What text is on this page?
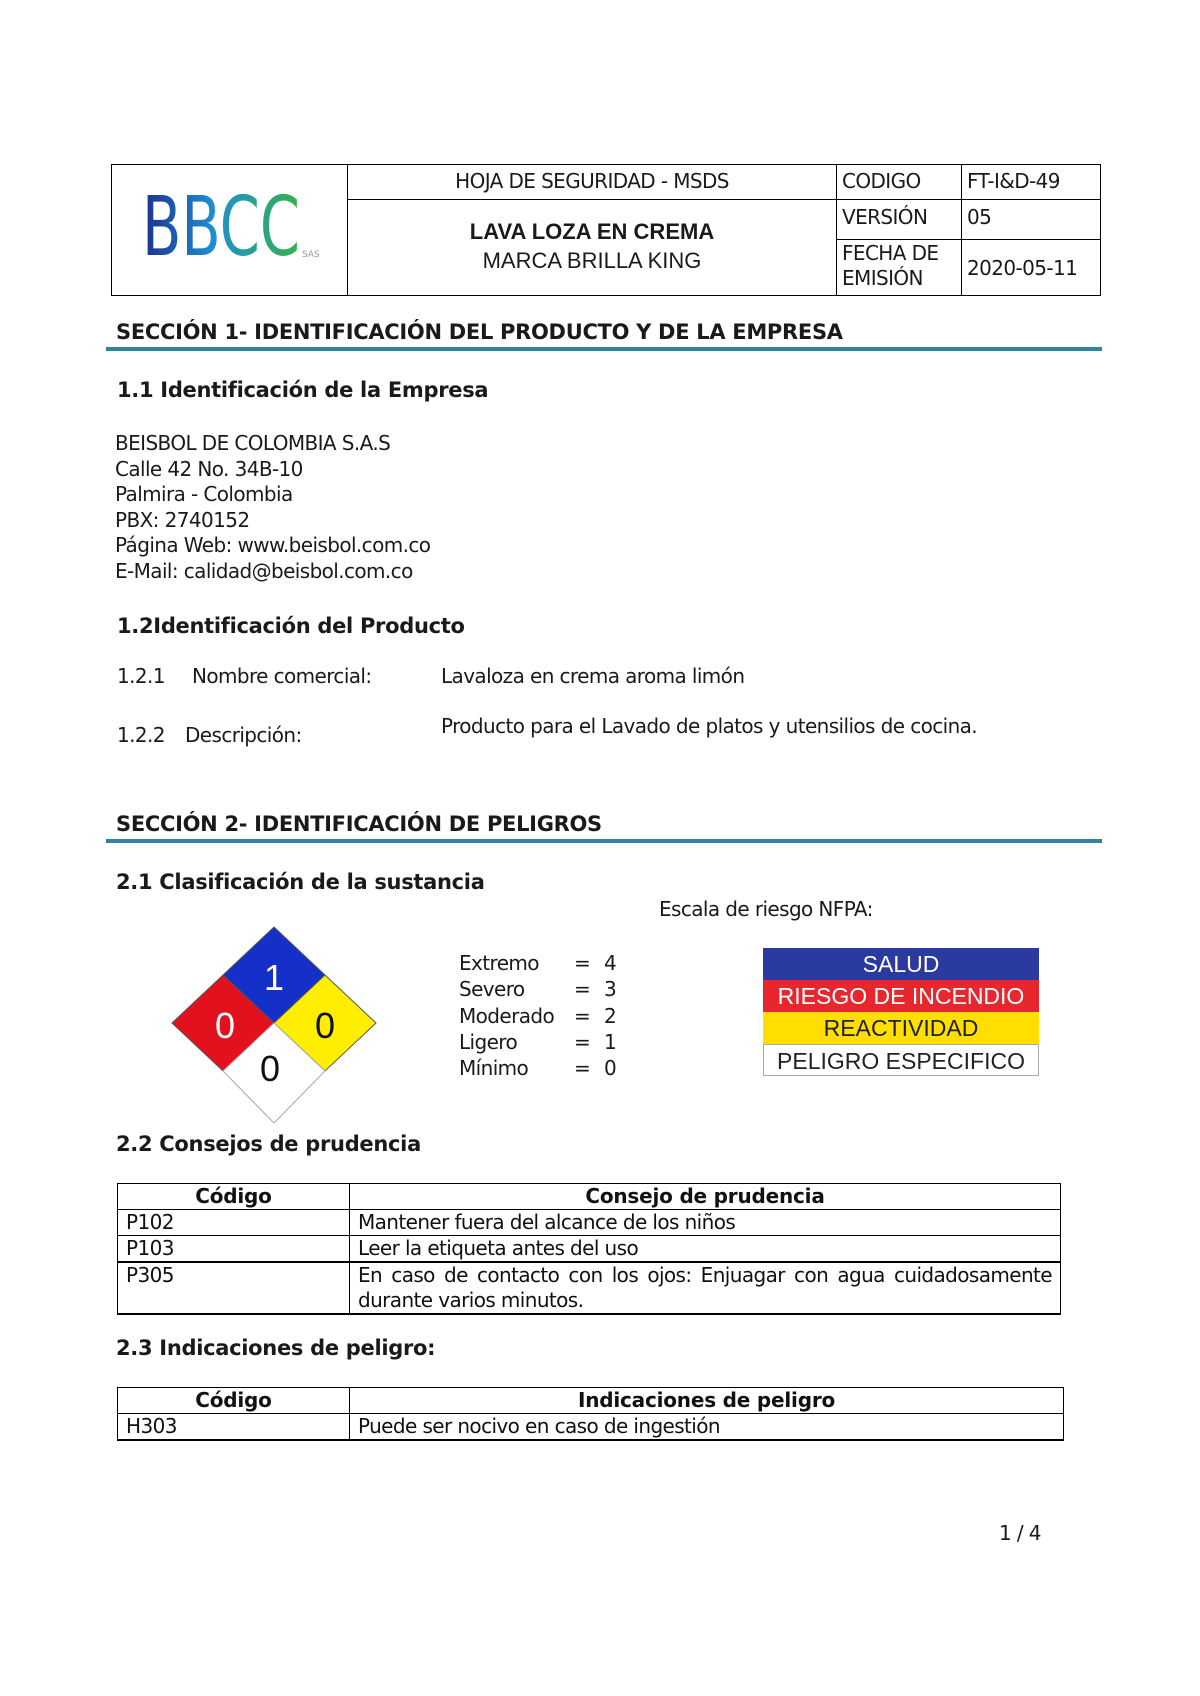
BBCC SAS
HOJA DE SEGURIDAD - MSDS
LAVA LOZA EN CREMA
MARCA BRILLA KING
CODIGO FT-I&D-49
VERSIÓN 05
FECHA DE
EMISIÓN	2020-05-11
SECCIÓN 1- IDENTIFICACIÓN DEL PRODUCTO Y DE LA EMPRESA
1.1 Identificación de la Empresa
BEISBOL DE COLOMBIA S.A.S
Calle 42 No. 34B-10
Palmira - Colombia
PBX: 2740152
Página Web: www.beisbol.com.co
E-Mail: calidad@beisbol.com.co
1.2Identificación del Producto
1.2.1 Nombre comercial:	Lavaloza en crema aroma limón
1.2.2 Descripción:	Producto para el Lavado de platos y utensilios de cocina.
SECCIÓN 2- IDENTIFICACIÓN DE PELIGROS
2.1 Clasificación de la sustancia
Escala de riesgo NFPA:
1
0 0
0
Extremo	= 4
Severo	= 3
Moderado = 2
Ligero	= 1
Mínimo	= 0
SALUD
RIESGO DE INCENDIO
REACTIVIDAD
PELIGRO ESPECIFICO
2.2 Consejos de prudencia
Código	Consejo de prudencia
P102	Mantener fuera del alcance de los niños
P103	Leer la etiqueta antes del uso
P305	En caso de contacto con los ojos: Enjuagar con agua cuidadosamente durante varios minutos.
2.3 Indicaciones de peligro:
Código	Indicaciones de peligro
H303	Puede ser nocivo en caso de ingestión
1 / 4
